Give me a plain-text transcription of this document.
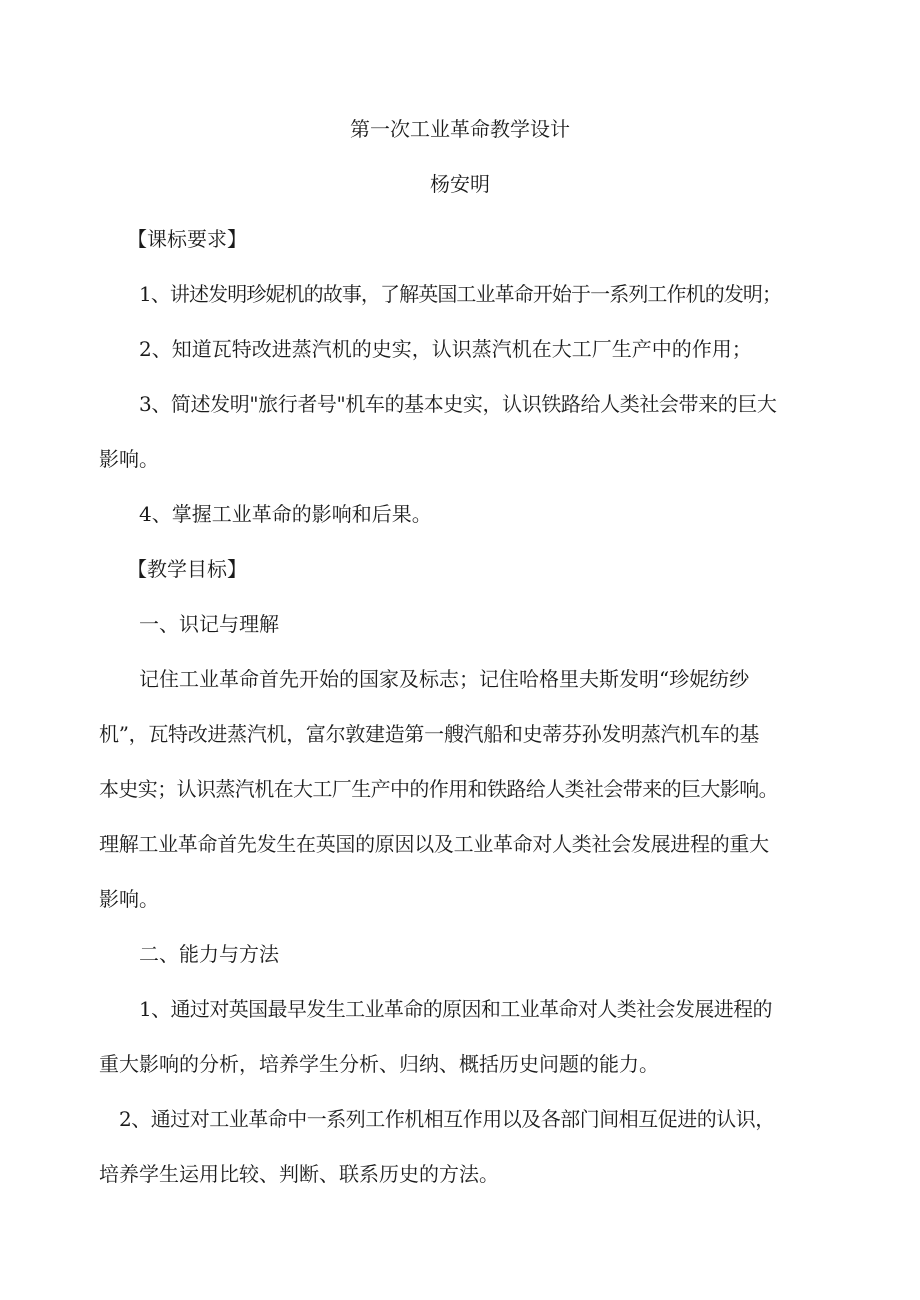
第一次工业革命教学设计
杨安明
【课标要求】
1、讲述发明珍妮机的故事，了解英国工业革命开始于一系列工作机的发明；
2、知道瓦特改进蒸汽机的史实，认识蒸汽机在大工厂生产中的作用；
3、简述发明"旅行者号"机车的基本史实，认识铁路给人类社会带来的巨大
影响。
4、掌握工业革命的影响和后果。
【教学目标】
一、识记与理解
记住工业革命首先开始的国家及标志；记住哈格里夫斯发明“珍妮纺纱
机”，瓦特改进蒸汽机，富尔敦建造第一艘汽船和史蒂芬孙发明蒸汽机车的基
本史实；认识蒸汽机在大工厂生产中的作用和铁路给人类社会带来的巨大影响。
理解工业革命首先发生在英国的原因以及工业革命对人类社会发展进程的重大
影响。
二、能力与方法
1、通过对英国最早发生工业革命的原因和工业革命对人类社会发展进程的
重大影响的分析，培养学生分析、归纳、概括历史问题的能力。
2、通过对工业革命中一系列工作机相互作用以及各部门间相互促进的认识，
培养学生运用比较、判断、联系历史的方法。
